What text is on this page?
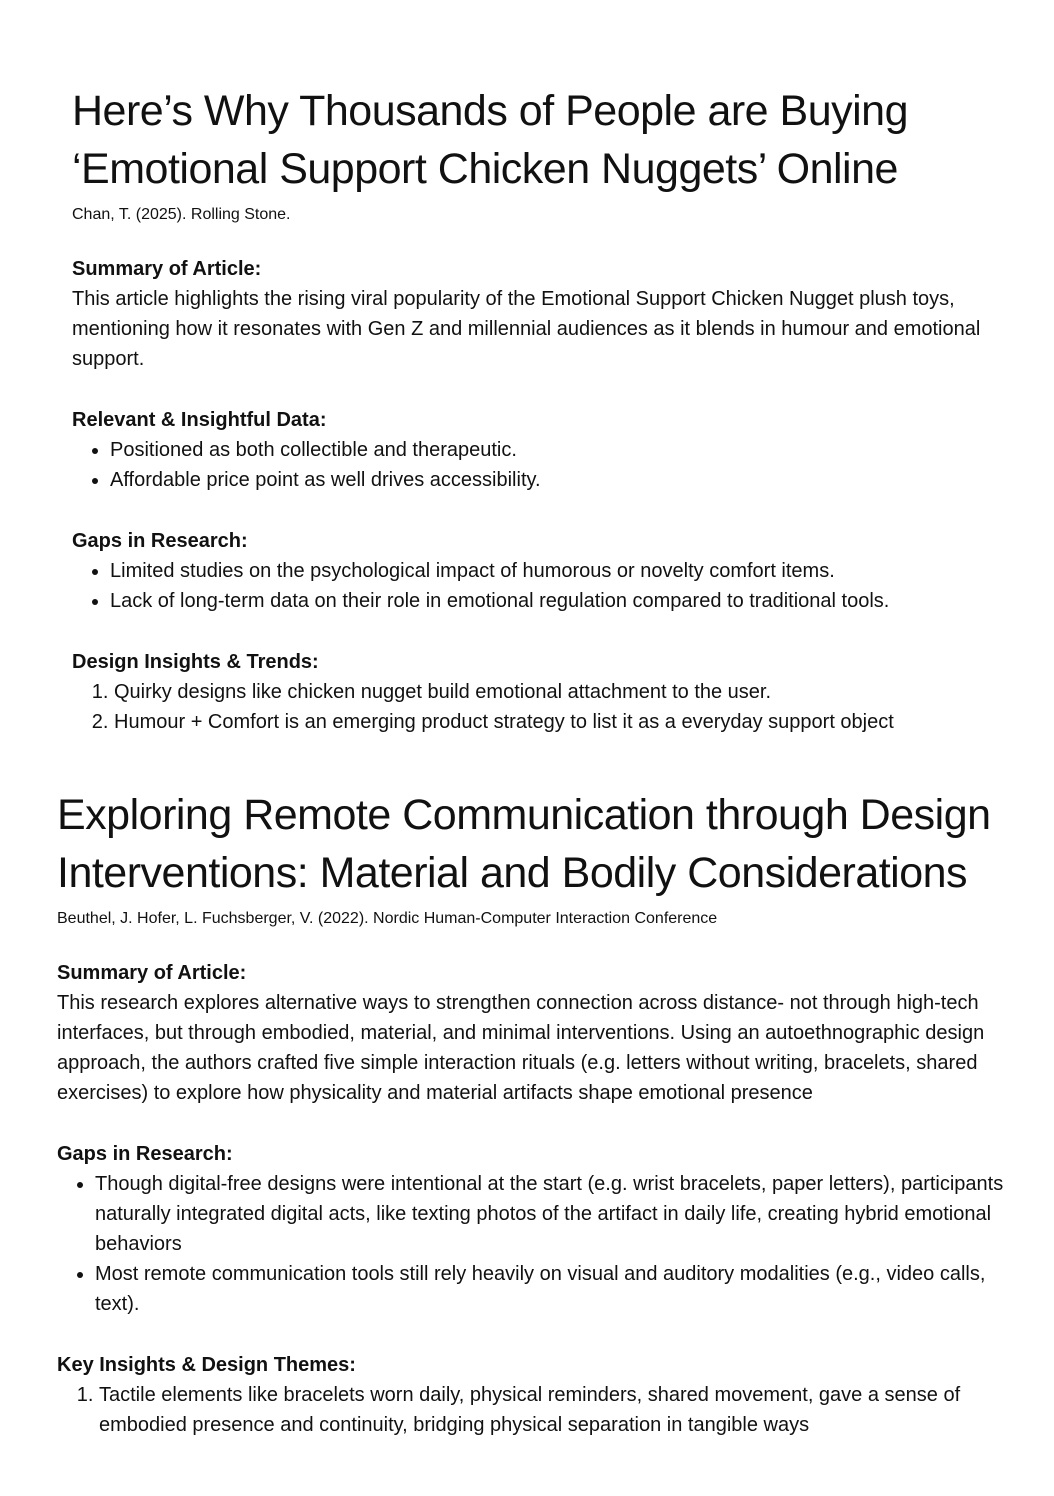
Here’s Why Thousands of People are Buying ‘Emotional Support Chicken Nuggets’ Online

Chan, T. (2025). Rolling Stone.

Summary of Article:

This article highlights the rising viral popularity of the Emotional Support Chicken Nugget plush toys, mentioning how it resonates with Gen Z and millennial audiences as it blends in humour and emotional support.

Relevant & Insightful Data:

• Positioned as both collectible and therapeutic.
• Affordable price point as well drives accessibility.

Gaps in Research:

• Limited studies on the psychological impact of humorous or novelty comfort items.
• Lack of long-term data on their role in emotional regulation compared to traditional tools.

Design Insights & Trends:

1. Quirky designs like chicken nugget build emotional attachment to the user.
2. Humour + Comfort is an emerging product strategy to list it as a everyday support object
Exploring Remote Communication through Design Interventions: Material and Bodily Considerations

Beuthel, J. Hofer, L. Fuchsberger, V. (2022). Nordic Human-Computer Interaction Conference

Summary of Article:

This research explores alternative ways to strengthen connection across distance- not through high-tech interfaces, but through embodied, material, and minimal interventions. Using an autoethnographic design approach, the authors crafted five simple interaction rituals (e.g. letters without writing, bracelets, shared exercises) to explore how physicality and material artifacts shape emotional presence

Gaps in Research:

• Though digital-free designs were intentional at the start (e.g. wrist bracelets, paper letters), participants naturally integrated digital acts, like texting photos of the artifact in daily life, creating hybrid emotional behaviors
• Most remote communication tools still rely heavily on visual and auditory modalities (e.g., video calls, text).

Key Insights & Design Themes:

1. Tactile elements like bracelets worn daily, physical reminders, shared movement, gave a sense of embodied presence and continuity, bridging physical separation in tangible ways
